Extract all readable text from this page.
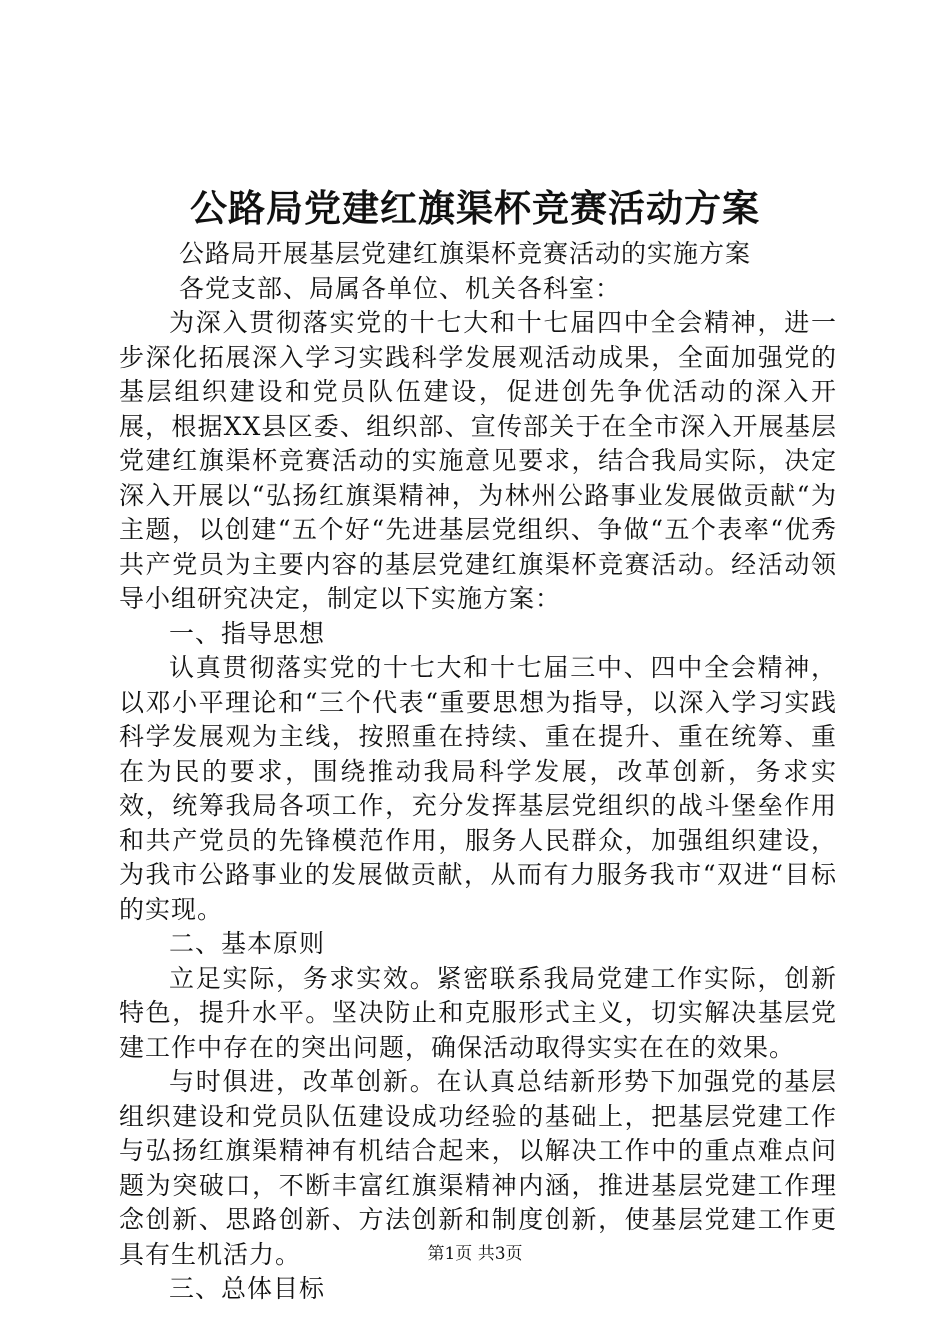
公路局党建红旗渠杯竞赛活动方案

公路局开展基层党建红旗渠杯竞赛活动的实施方案

各党支部、局属各单位、机关各科室：

为深入贯彻落实党的十七大和十七届四中全会精神，进一步深化拓展深入学习实践科学发展观活动成果，全面加强党的基层组织建设和党员队伍建设，促进创先争优活动的深入开展，根据XX县区委、组织部、宣传部关于在全市深入开展基层党建红旗渠杯竞赛活动的实施意见要求，结合我局实际，决定深入开展以“弘扬红旗渠精神，为林州公路事业发展做贡献“为主题，以创建“五个好“先进基层党组织、争做“五个表率“优秀共产党员为主要内容的基层党建红旗渠杯竞赛活动。经活动领导小组研究决定，制定以下实施方案：

一、指导思想

认真贯彻落实党的十七大和十七届三中、四中全会精神，以邓小平理论和“三个代表“重要思想为指导，以深入学习实践科学发展观为主线，按照重在持续、重在提升、重在统筹、重在为民的要求，围绕推动我局科学发展，改革创新，务求实效，统筹我局各项工作，充分发挥基层党组织的战斗堡垒作用和共产党员的先锋模范作用，服务人民群众，加强组织建设，为我市公路事业的发展做贡献，从而有力服务我市“双进“目标的实现。

二、基本原则

立足实际，务求实效。紧密联系我局党建工作实际，创新特色，提升水平。坚决防止和克服形式主义，切实解决基层党建工作中存在的突出问题，确保活动取得实实在在的效果。

与时俱进，改革创新。在认真总结新形势下加强党的基层组织建设和党员队伍建设成功经验的基础上，把基层党建工作与弘扬红旗渠精神有机结合起来，以解决工作中的重点难点问题为突破口，不断丰富红旗渠精神内涵，推进基层党建工作理念创新、思路创新、方法创新和制度创新，使基层党建工作更具有生机活力。

三、总体目标

第1页 共3页
